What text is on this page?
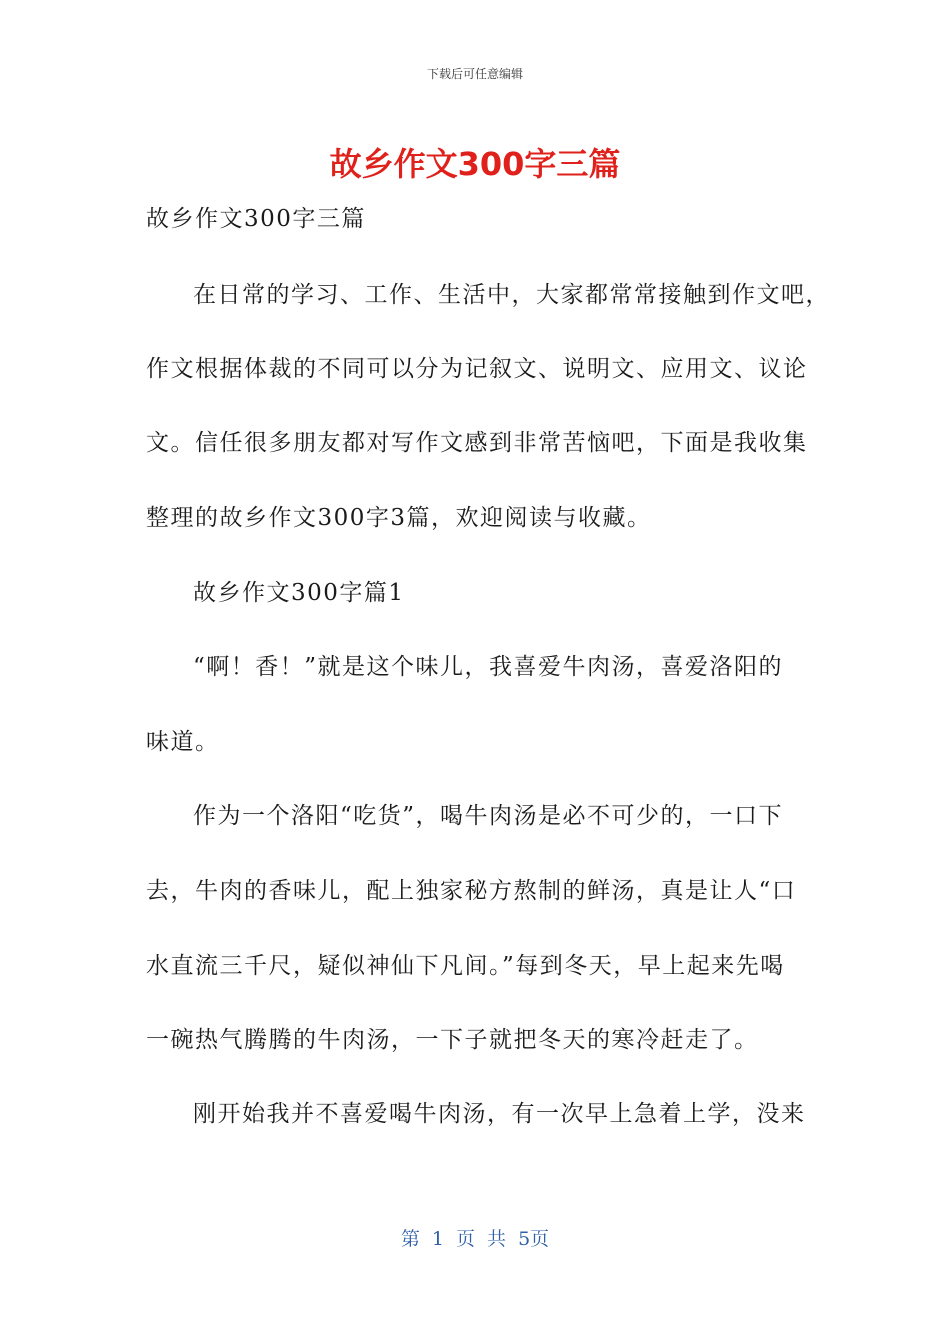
下载后可任意编辑
故乡作文300字三篇
故乡作文300字三篇
在日常的学习、工作、生活中，大家都常常接触到作文吧，
作文根据体裁的不同可以分为记叙文、说明文、应用文、议论
文。信任很多朋友都对写作文感到非常苦恼吧，下面是我收集
整理的故乡作文300字3篇，欢迎阅读与收藏。
故乡作文300字篇1
“啊！香！”就是这个味儿，我喜爱牛肉汤，喜爱洛阳的
味道。
作为一个洛阳“吃货”，喝牛肉汤是必不可少的，一口下
去，牛肉的香味儿，配上独家秘方熬制的鲜汤，真是让人“口
水直流三千尺，疑似神仙下凡间。”每到冬天，早上起来先喝
一碗热气腾腾的牛肉汤，一下子就把冬天的寒冷赶走了。
刚开始我并不喜爱喝牛肉汤，有一次早上急着上学，没来
第 1 页 共 5页
